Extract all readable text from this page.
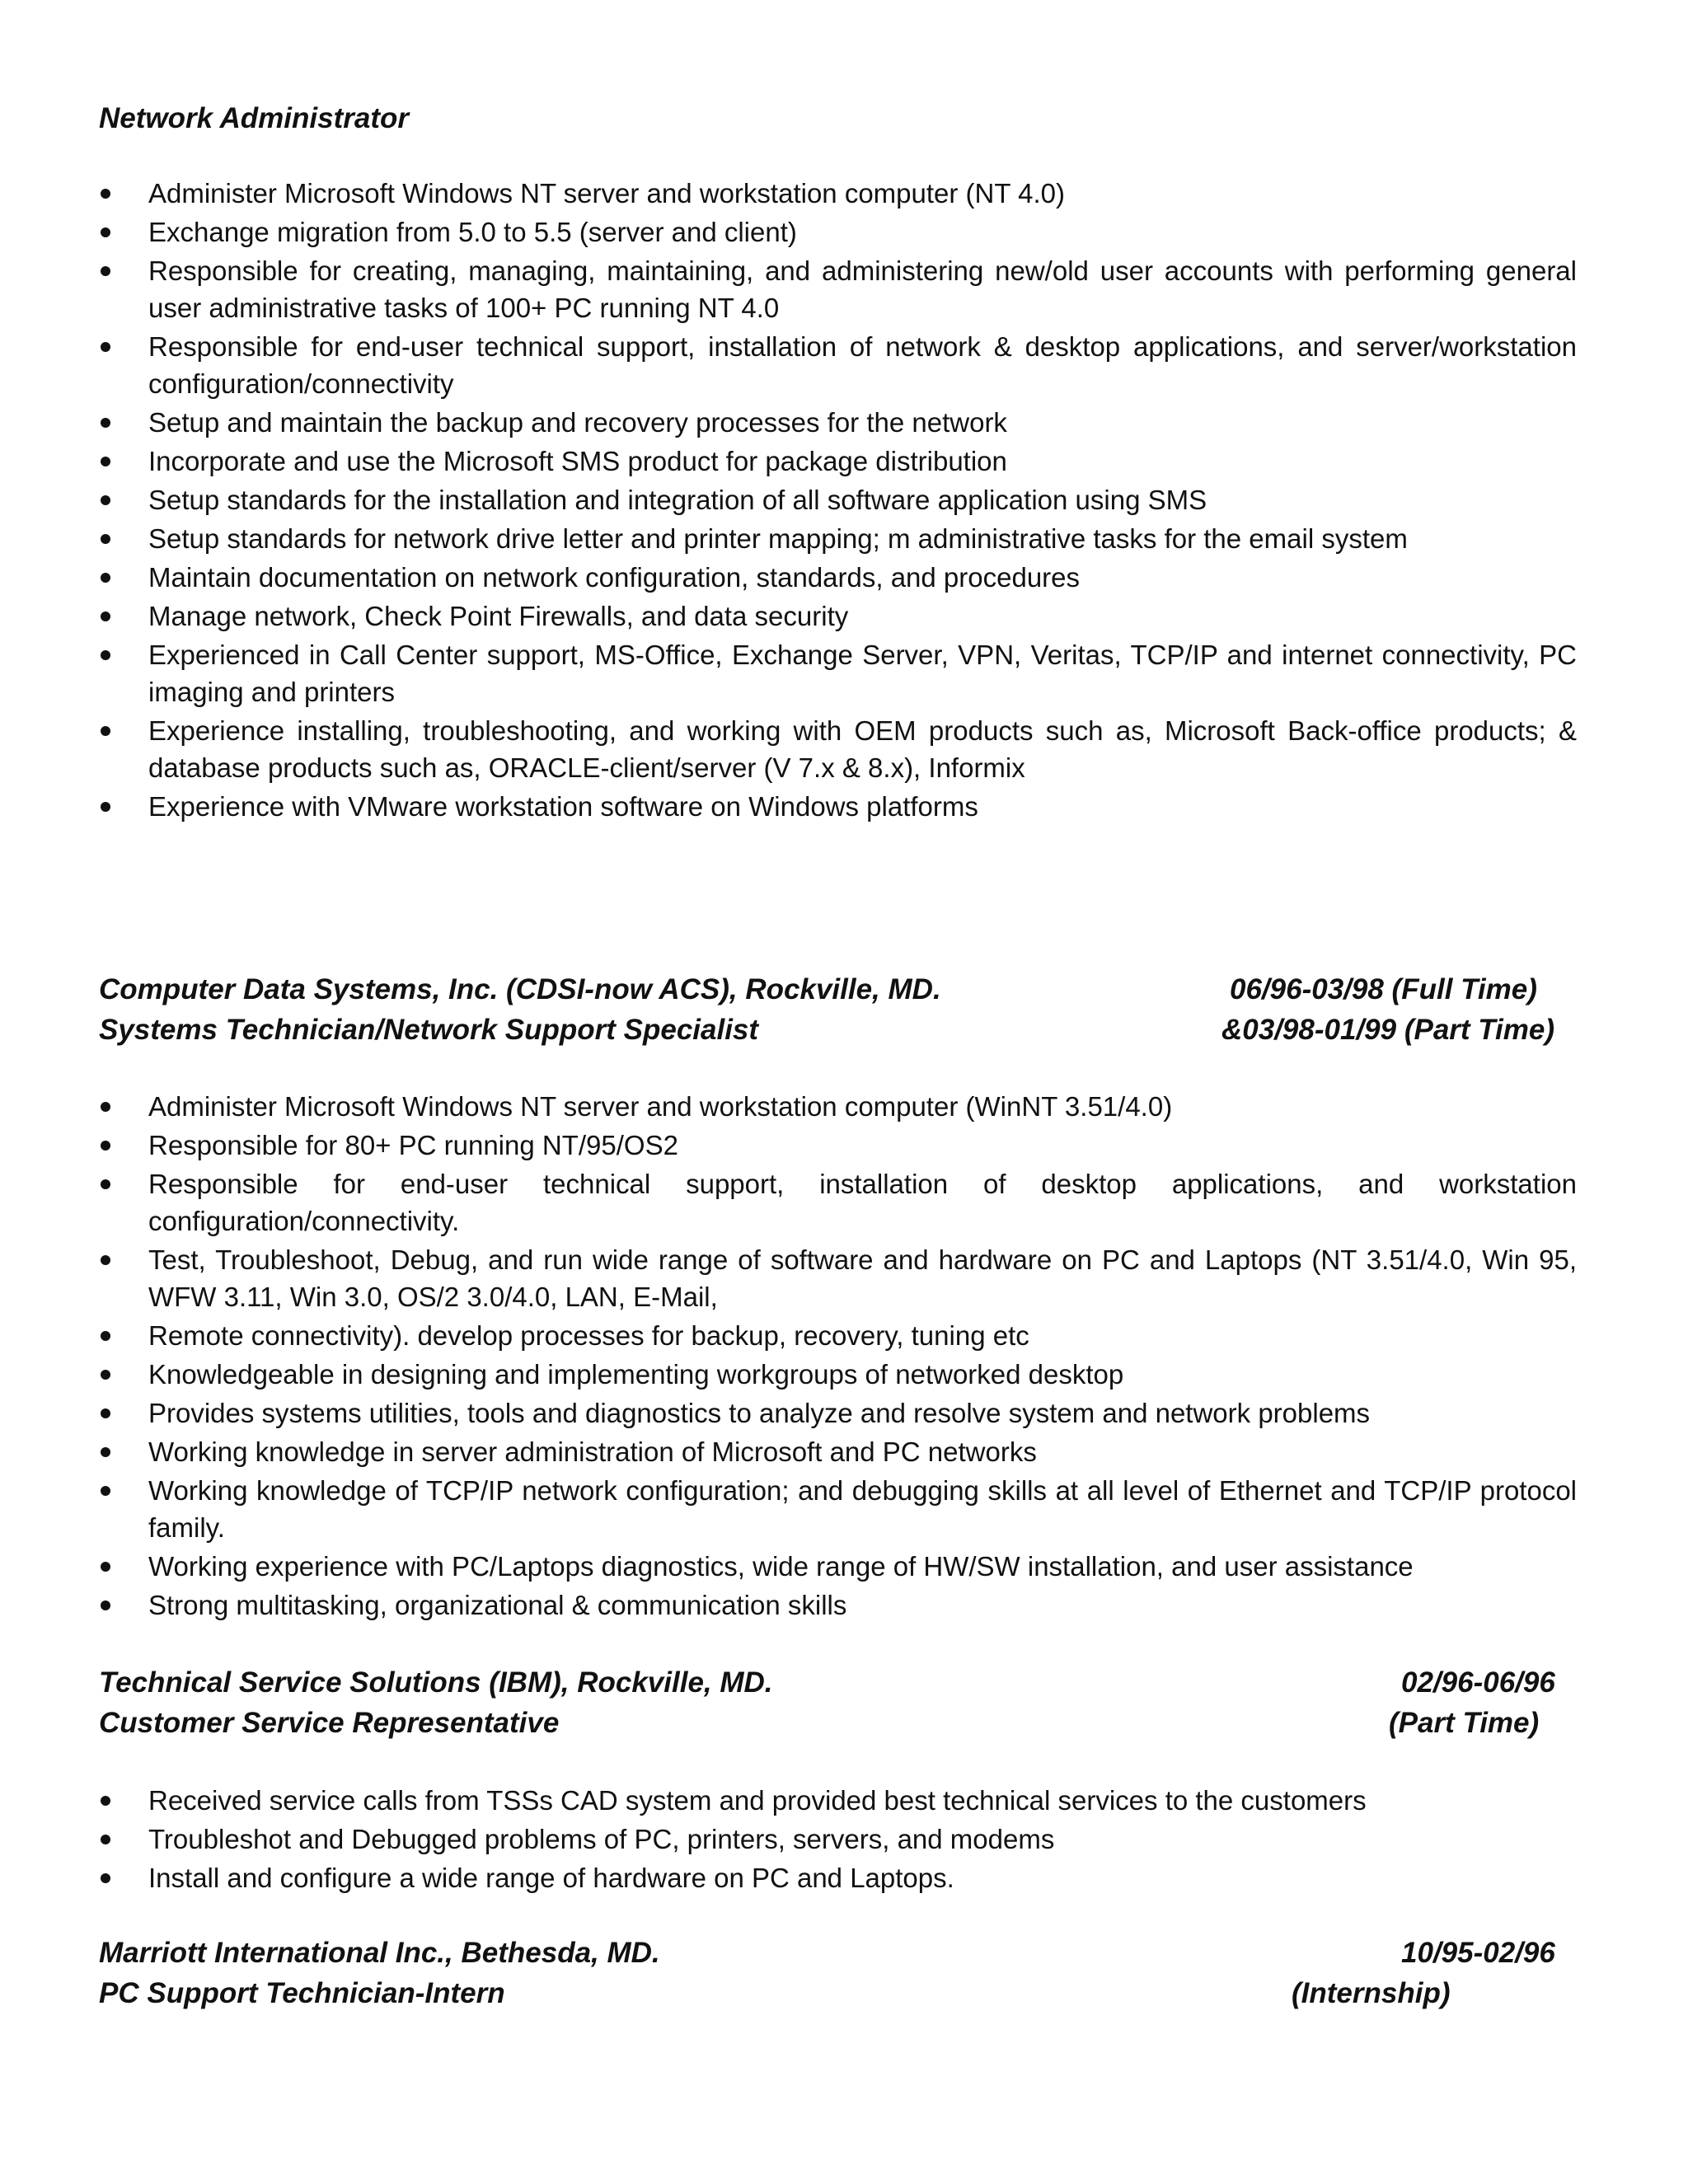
Network Administrator
Administer Microsoft Windows NT server and workstation computer (NT 4.0)
Exchange migration from 5.0 to 5.5 (server and client)
Responsible for creating, managing, maintaining, and administering new/old user accounts with performing general user administrative tasks of 100+ PC running NT 4.0
Responsible for end-user technical support, installation of network & desktop applications, and server/workstation configuration/connectivity
Setup and maintain the backup and recovery processes for the network
Incorporate and use the Microsoft SMS product for package distribution
Setup standards for the installation and integration of all software application using SMS
Setup standards for network drive letter and printer mapping; m administrative tasks for the email system
Maintain documentation on network configuration, standards, and procedures
Manage network, Check Point Firewalls, and data security
Experienced in Call Center support, MS-Office, Exchange Server, VPN, Veritas, TCP/IP and internet connectivity, PC imaging and printers
Experience installing, troubleshooting, and working with OEM products such as, Microsoft Back-office products; & database products such as, ORACLE-client/server (V 7.x & 8.x), Informix
Experience with VMware workstation software on Windows platforms
Computer Data Systems, Inc. (CDSI-now ACS), Rockville, MD.	06/96-03/98 (Full Time)
Systems Technician/Network Support Specialist	&03/98-01/99 (Part Time)
Administer Microsoft Windows NT server and workstation computer (WinNT 3.51/4.0)
Responsible for 80+ PC running NT/95/OS2
Responsible for end-user technical support, installation of desktop applications, and workstation configuration/connectivity.
Test, Troubleshoot, Debug, and run wide range of software and hardware on PC and Laptops (NT 3.51/4.0, Win 95, WFW 3.11, Win 3.0, OS/2 3.0/4.0, LAN, E-Mail,
Remote connectivity). develop processes for backup, recovery, tuning etc
Knowledgeable in designing and implementing workgroups of networked desktop
Provides systems utilities, tools and diagnostics to analyze and resolve system and network problems
Working knowledge in server administration of Microsoft and PC networks
Working knowledge of TCP/IP network configuration; and debugging skills at all level of Ethernet and TCP/IP protocol family.
Working experience with PC/Laptops diagnostics, wide range of HW/SW installation, and user assistance
Strong multitasking, organizational & communication skills
Technical Service Solutions (IBM), Rockville, MD.	02/96-06/96
Customer Service Representative	(Part Time)
Received service calls from TSSs CAD system and provided best technical services to the customers
Troubleshot and Debugged problems of PC, printers, servers, and modems
Install and configure a wide range of hardware on PC and Laptops.
Marriott International Inc., Bethesda, MD.	10/95-02/96
PC Support Technician-Intern	(Internship)
